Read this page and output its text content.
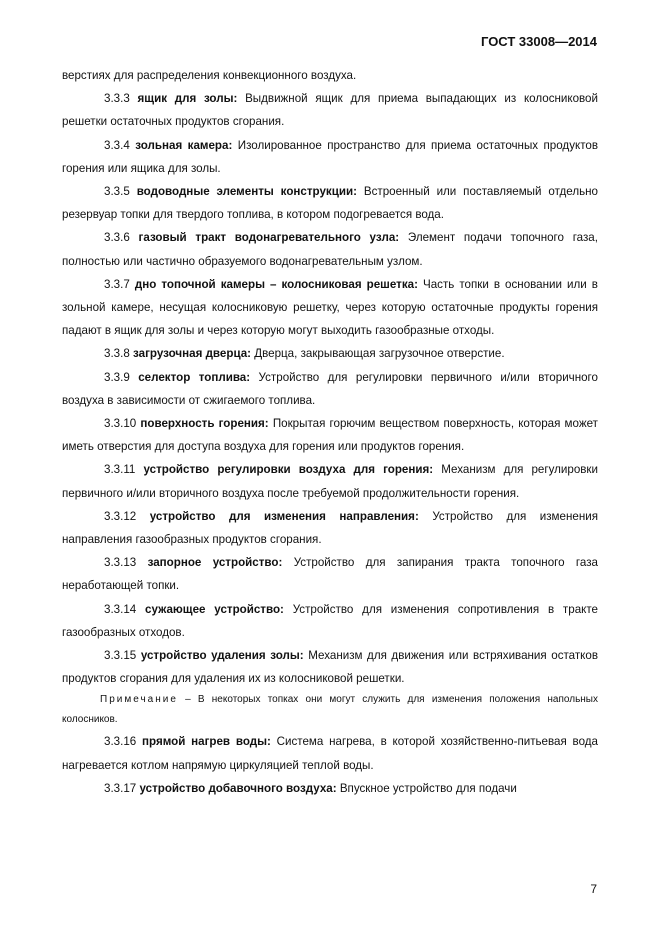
ГОСТ 33008—2014

верстиях для распределения конвекционного воздуха.

3.3.3 ящик для золы: Выдвижной ящик для приема выпадающих из колосниковой решетки остаточных продуктов сгорания.

3.3.4 зольная камера: Изолированное пространство для приема остаточных продуктов горения или ящика для золы.

3.3.5 водоводные элементы конструкции: Встроенный или поставляемый отдельно резервуар топки для твердого топлива, в котором подогревается вода.

3.3.6 газовый тракт водонагревательного узла: Элемент подачи топочного газа, полностью или частично образуемого водонагревательным узлом.

3.3.7 дно топочной камеры – колосниковая решетка: Часть топки в основании или в зольной камере, несущая колосниковую решетку, через которую остаточные продукты горения падают в ящик для золы и через которую могут выходить газообразные отходы.

3.3.8 загрузочная дверца: Дверца, закрывающая загрузочное отверстие.

3.3.9 селектор топлива: Устройство для регулировки первичного и/или вторичного воздуха в зависимости от сжигаемого топлива.

3.3.10 поверхность горения: Покрытая горючим веществом поверхность, которая может иметь отверстия для доступа воздуха для горения или продуктов горения.

3.3.11 устройство регулировки воздуха для горения: Механизм для регулировки первичного и/или вторичного воздуха после требуемой продолжительности горения.

3.3.12 устройство для изменения направления: Устройство для изменения направления газообразных продуктов сгорания.

3.3.13 запорное устройство: Устройство для запирания тракта топочного газа неработающей топки.

3.3.14 сужающее устройство: Устройство для изменения сопротивления в тракте газообразных отходов.

3.3.15 устройство удаления золы: Механизм для движения или встряхивания остатков продуктов сгорания для удаления их из колосниковой решетки.

Примечание – В некоторых топках они могут служить для изменения положения напольных колосников.

3.3.16 прямой нагрев воды: Система нагрева, в которой хозяйственно-питьевая вода нагревается котлом напрямую циркуляцией теплой воды.

3.3.17 устройство добавочного воздуха: Впускное устройство для подачи

7
